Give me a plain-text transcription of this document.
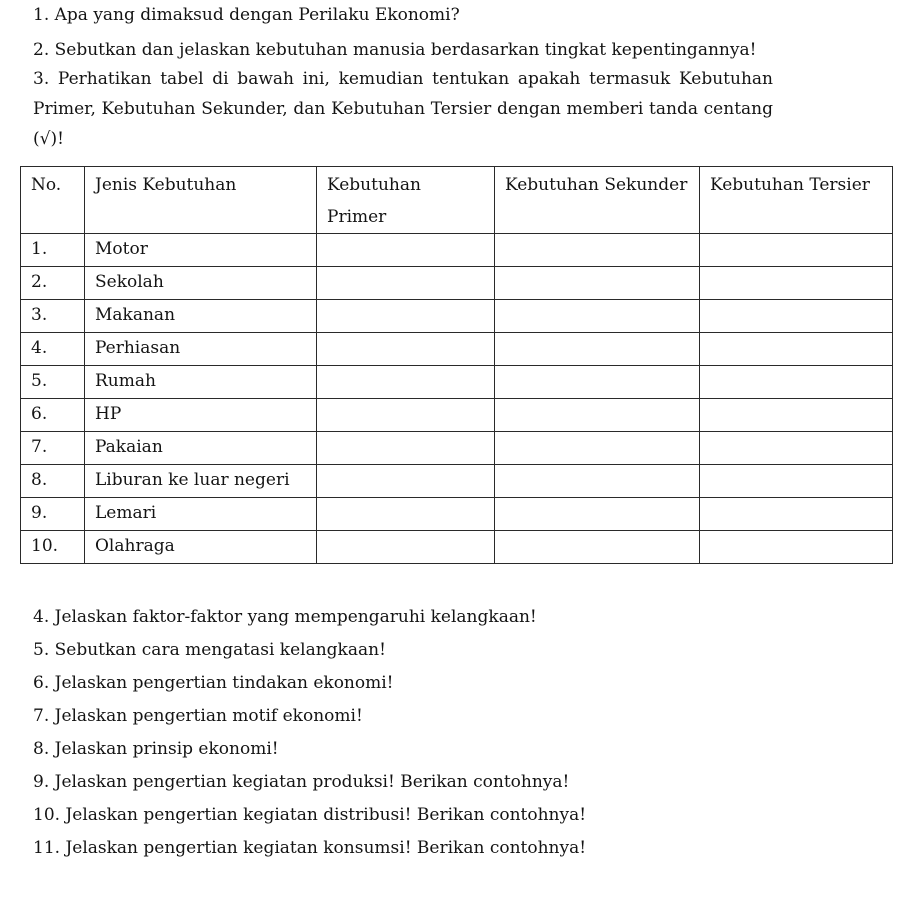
1. Apa yang dimaksud dengan Perilaku Ekonomi?
2. Sebutkan dan jelaskan kebutuhan manusia berdasarkan tingkat kepentingannya!
3. Perhatikan tabel di bawah ini, kemudian tentukan apakah termasuk Kebutuhan Primer, Kebutuhan Sekunder, dan Kebutuhan Tersier dengan memberi tanda centang (√)!
No.	Jenis Kebutuhan	Kebutuhan Primer	Kebutuhan Sekunder	Kebutuhan Tersier
1.	Motor			
2.	Sekolah			
3.	Makanan			
4.	Perhiasan			
5.	Rumah			
6.	HP			
7.	Pakaian			
8.	Liburan ke luar negeri			
9.	Lemari			
10.	Olahraga			
4. Jelaskan faktor-faktor yang mempengaruhi kelangkaan!
5. Sebutkan cara mengatasi kelangkaan!
6. Jelaskan pengertian tindakan ekonomi!
7. Jelaskan pengertian motif ekonomi!
8. Jelaskan prinsip ekonomi!
9. Jelaskan pengertian kegiatan produksi! Berikan contohnya!
10. Jelaskan pengertian kegiatan distribusi! Berikan contohnya!
11. Jelaskan pengertian kegiatan konsumsi! Berikan contohnya!
